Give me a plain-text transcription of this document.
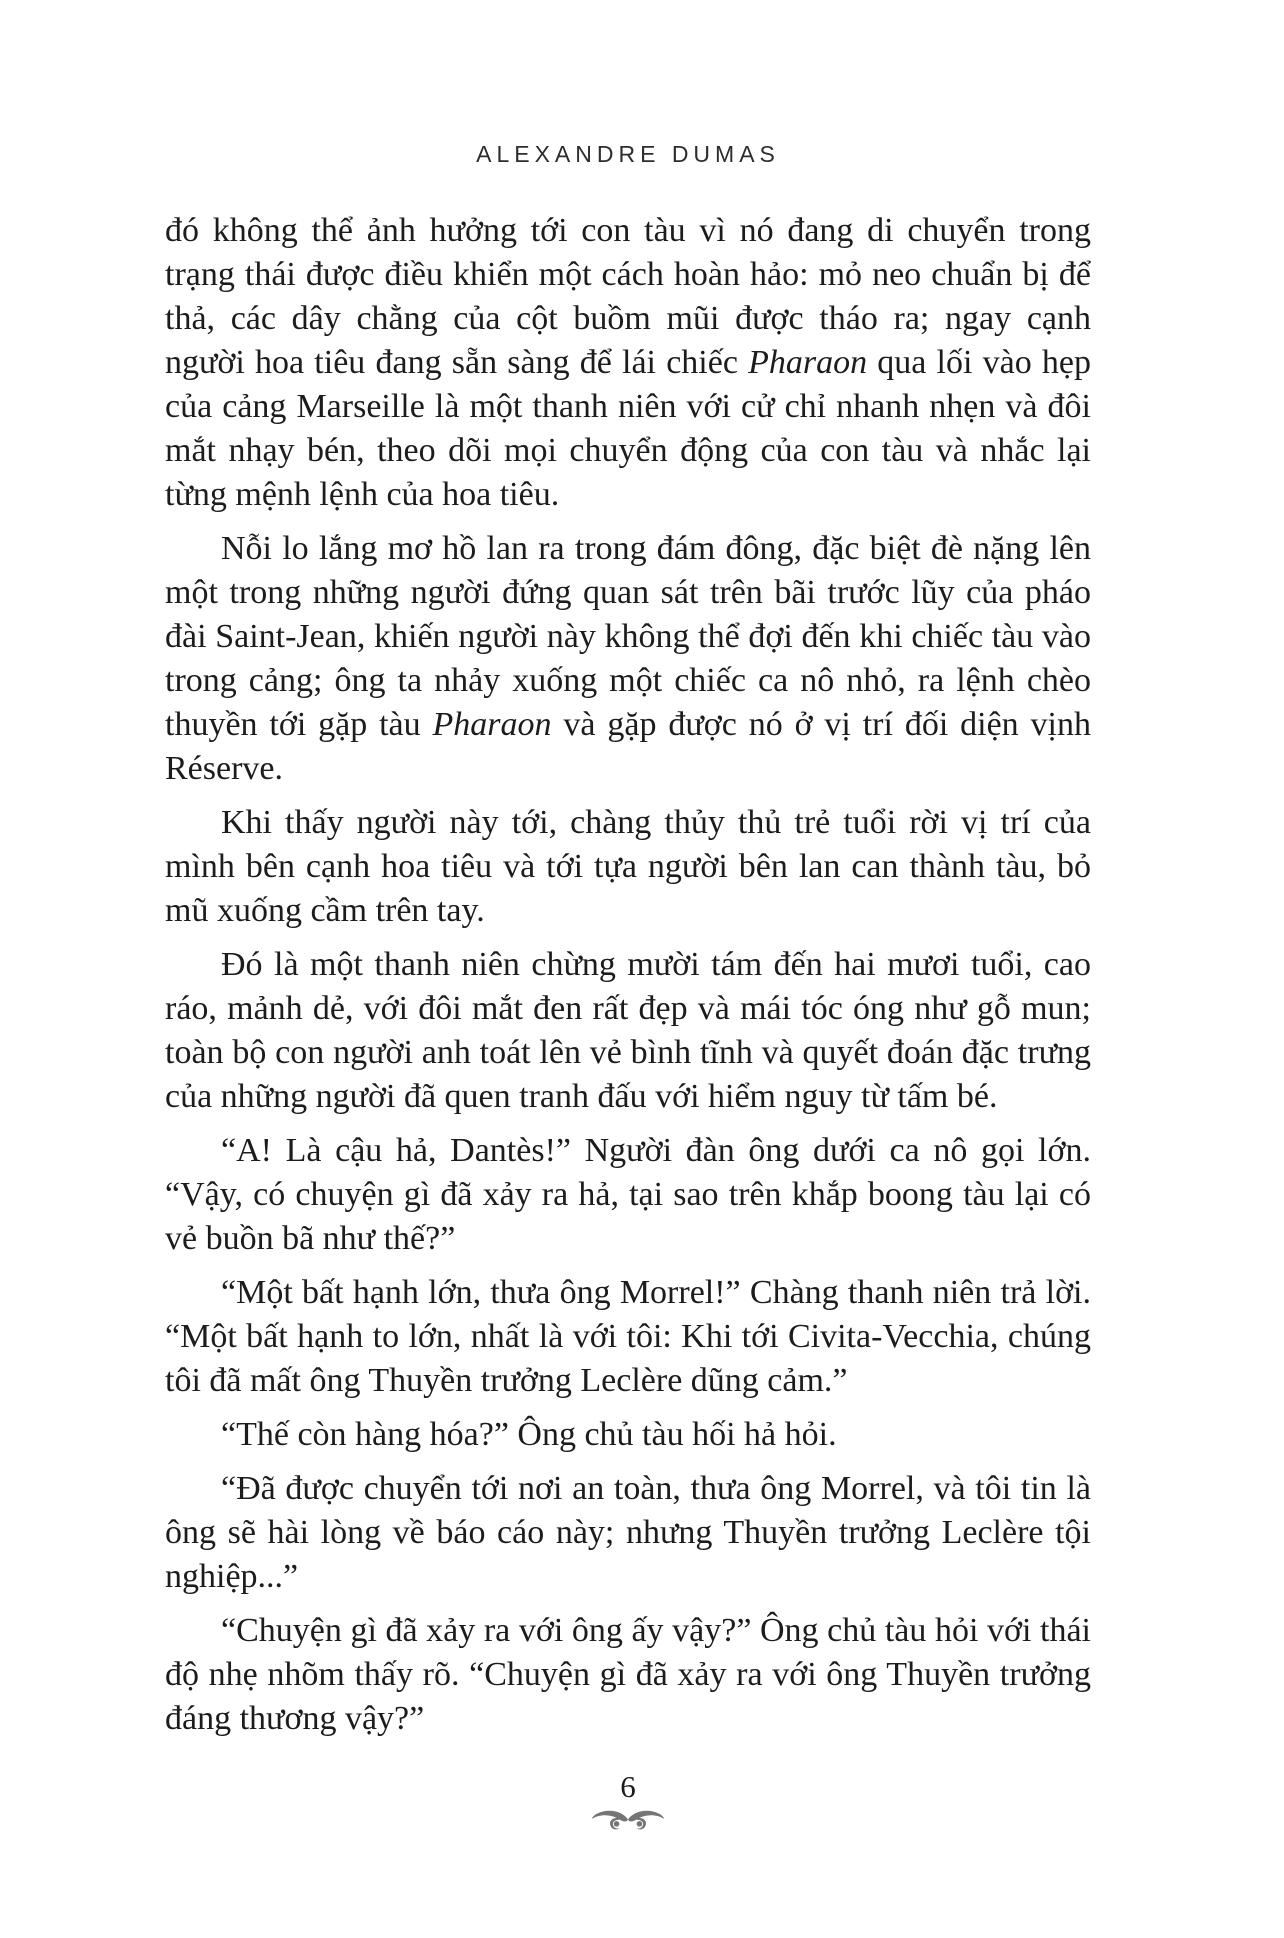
ALEXANDRE DUMAS

đó không thể ảnh hưởng tới con tàu vì nó đang di chuyển trong trạng thái được điều khiển một cách hoàn hảo: mỏ neo chuẩn bị để thả, các dây chằng của cột buồm mũi được tháo ra; ngay cạnh người hoa tiêu đang sẵn sàng để lái chiếc Pharaon qua lối vào hẹp của cảng Marseille là một thanh niên với cử chỉ nhanh nhẹn và đôi mắt nhạy bén, theo dõi mọi chuyển động của con tàu và nhắc lại từng mệnh lệnh của hoa tiêu.

Nỗi lo lắng mơ hồ lan ra trong đám đông, đặc biệt đè nặng lên một trong những người đứng quan sát trên bãi trước lũy của pháo đài Saint-Jean, khiến người này không thể đợi đến khi chiếc tàu vào trong cảng; ông ta nhảy xuống một chiếc ca nô nhỏ, ra lệnh chèo thuyền tới gặp tàu Pharaon và gặp được nó ở vị trí đối diện vịnh Réserve.

Khi thấy người này tới, chàng thủy thủ trẻ tuổi rời vị trí của mình bên cạnh hoa tiêu và tới tựa người bên lan can thành tàu, bỏ mũ xuống cầm trên tay.

Đó là một thanh niên chừng mười tám đến hai mươi tuổi, cao ráo, mảnh dẻ, với đôi mắt đen rất đẹp và mái tóc óng như gỗ mun; toàn bộ con người anh toát lên vẻ bình tĩnh và quyết đoán đặc trưng của những người đã quen tranh đấu với hiểm nguy từ tấm bé.

“A! Là cậu hả, Dantès!” Người đàn ông dưới ca nô gọi lớn. “Vậy, có chuyện gì đã xảy ra hả, tại sao trên khắp boong tàu lại có vẻ buồn bã như thế?”

“Một bất hạnh lớn, thưa ông Morrel!” Chàng thanh niên trả lời. “Một bất hạnh to lớn, nhất là với tôi: Khi tới Civita-Vecchia, chúng tôi đã mất ông Thuyền trưởng Leclère dũng cảm.”

“Thế còn hàng hóa?” Ông chủ tàu hối hả hỏi.

“Đã được chuyển tới nơi an toàn, thưa ông Morrel, và tôi tin là ông sẽ hài lòng về báo cáo này; nhưng Thuyền trưởng Leclère tội nghiệp...”

“Chuyện gì đã xảy ra với ông ấy vậy?” Ông chủ tàu hỏi với thái độ nhẹ nhõm thấy rõ. “Chuyện gì đã xảy ra với ông Thuyền trưởng đáng thương vậy?”

6
